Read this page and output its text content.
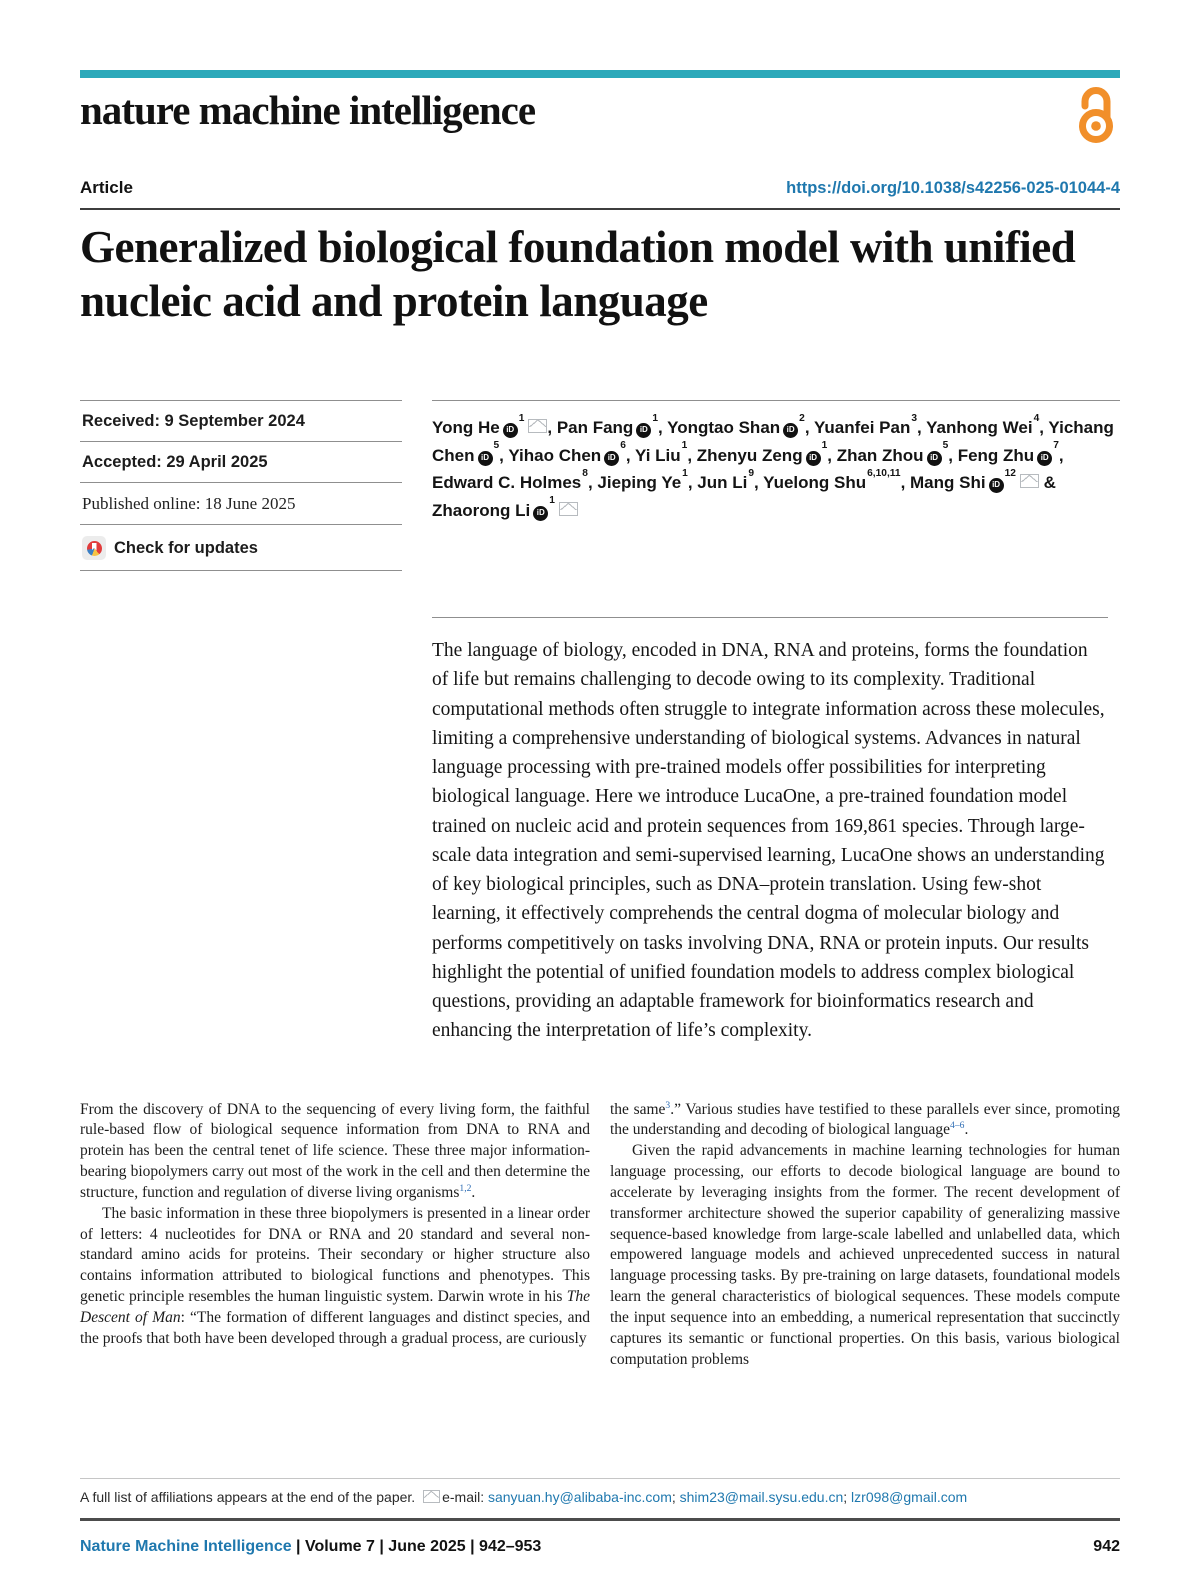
nature machine intelligence
Article	https://doi.org/10.1038/s42256-025-01044-4
Generalized biological foundation model with unified nucleic acid and protein language
Received: 9 September 2024
Accepted: 29 April 2025
Published online: 18 June 2025
Check for updates
Yong He $iD^1$ , Pan Fang $iD^1$, Yongtao Shan $iD^2$, Yuanfei Pan$^3$, Yanhong Wei$^4$, Yichang Chen $iD^5$, Yihao Chen $iD^6$, Yi Liu$^1$, Zhenyu Zeng $iD^1$, Zhan Zhou $iD^5$, Feng Zhu $iD^7$, Edward C. Holmes$^8$, Jieping Ye$^1$, Jun Li$^9$, Yuelong Shu$^{6,10,11}$, Mang Shi $iD^{12}$ & Zhaorong Li $iD^1$
The language of biology, encoded in DNA, RNA and proteins, forms the foundation of life but remains challenging to decode owing to its complexity. Traditional computational methods often struggle to integrate information across these molecules, limiting a comprehensive understanding of biological systems. Advances in natural language processing with pre-trained models offer possibilities for interpreting biological language. Here we introduce LucaOne, a pre-trained foundation model trained on nucleic acid and protein sequences from 169,861 species. Through large-scale data integration and semi-supervised learning, LucaOne shows an understanding of key biological principles, such as DNA–protein translation. Using few-shot learning, it effectively comprehends the central dogma of molecular biology and performs competitively on tasks involving DNA, RNA or protein inputs. Our results highlight the potential of unified foundation models to address complex biological questions, providing an adaptable framework for bioinformatics research and enhancing the interpretation of life’s complexity.

From the discovery of DNA to the sequencing of every living form, the faithful rule-based flow of biological sequence information from DNA to RNA and protein has been the central tenet of life science. These three major information-bearing biopolymers carry out most of the work in the cell and then determine the structure, function and regulation of diverse living organisms$^{1,2}$.

The basic information in these three biopolymers is presented in a linear order of letters: 4 nucleotides for DNA or RNA and 20 standard and several non-standard amino acids for proteins. Their secondary or higher structure also contains information attributed to biological functions and phenotypes. This genetic principle resembles the human linguistic system. Darwin wrote in his The Descent of Man: “The formation of different languages and distinct species, and the proofs that both have been developed through a gradual process, are curiously

the same$^3$.” Various studies have testified to these parallels ever since, promoting the understanding and decoding of biological language$^{4-6}$.

Given the rapid advancements in machine learning technologies for human language processing, our efforts to decode biological language are bound to accelerate by leveraging insights from the former. The recent development of transformer architecture showed the superior capability of generalizing massive sequence-based knowledge from large-scale labelled and unlabelled data, which empowered language models and achieved unprecedented success in natural language processing tasks. By pre-training on large datasets, foundational models learn the general characteristics of biological sequences. These models compute the input sequence into an embedding, a numerical representation that succinctly captures its semantic or functional properties. On this basis, various biological computation problems

A full list of affiliations appears at the end of the paper. e-mail: sanyuan.hy@alibaba-inc.com; shim23@mail.sysu.edu.cn; lzr098@gmail.com
Nature Machine Intelligence | Volume 7 | June 2025 | 942–953	942
